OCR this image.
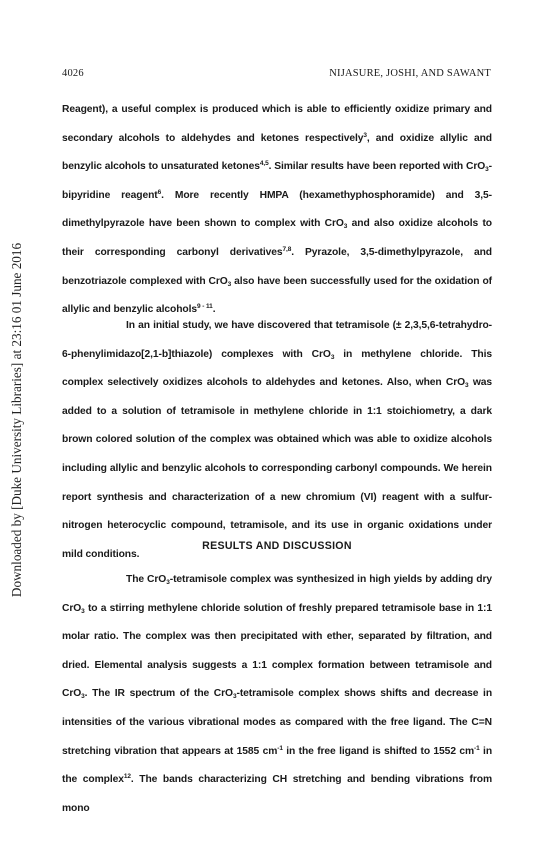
Downloaded by [Duke University Libraries] at 23:16 01 June 2016
4026	NIJASURE, JOSHI, AND SAWANT

Reagent), a useful complex is produced which is able to efficiently oxidize primary and secondary alcohols to aldehydes and ketones respectively$^3$, and oxidize allylic and benzylic alcohols to unsaturated ketones$^{4,5}$. Similar results have been reported with CrO$_3$-bipyridine reagent$^6$. More recently HMPA (hexamethyphosphoramide) and 3,5-dimethylpyrazole have been shown to complex with CrO$_3$ and also oxidize alcohols to their corresponding carbonyl derivatives$^{7,8}$. Pyrazole, 3,5-dimethylpyrazole, and benzotriazole complexed with CrO$_3$ also have been successfully used for the oxidation of allylic and benzylic alcohols$^{9 - 11}$.

In an initial study, we have discovered that tetramisole (± 2,3,5,6-tetrahydro-6-phenylimidazo[2,1-b]thiazole) complexes with CrO$_3$ in methylene chloride. This complex selectively oxidizes alcohols to aldehydes and ketones. Also, when CrO$_3$ was added to a solution of tetramisole in methylene chloride in 1:1 stoichiometry, a dark brown colored solution of the complex was obtained which was able to oxidize alcohols including allylic and benzylic alcohols to corresponding carbonyl compounds. We herein report synthesis and characterization of a new chromium (VI) reagent with a sulfur-nitrogen heterocyclic compound, tetramisole, and its use in organic oxidations under mild conditions.

RESULTS AND DISCUSSION

The CrO$_3$-tetramisole complex was synthesized in high yields by adding dry CrO$_3$ to a stirring methylene chloride solution of freshly prepared tetramisole base in 1:1 molar ratio. The complex was then precipitated with ether, separated by filtration, and dried. Elemental analysis suggests a 1:1 complex formation between tetramisole and CrO$_3$. The IR spectrum of the CrO$_3$-tetramisole complex shows shifts and decrease in intensities of the various vibrational modes as compared with the free ligand. The C=N stretching vibration that appears at 1585 $cm^{-1}$ in the free ligand is shifted to 1552 $cm^{-1}$ in the complex$^{12}$. The bands characterizing CH stretching and bending vibrations from mono
